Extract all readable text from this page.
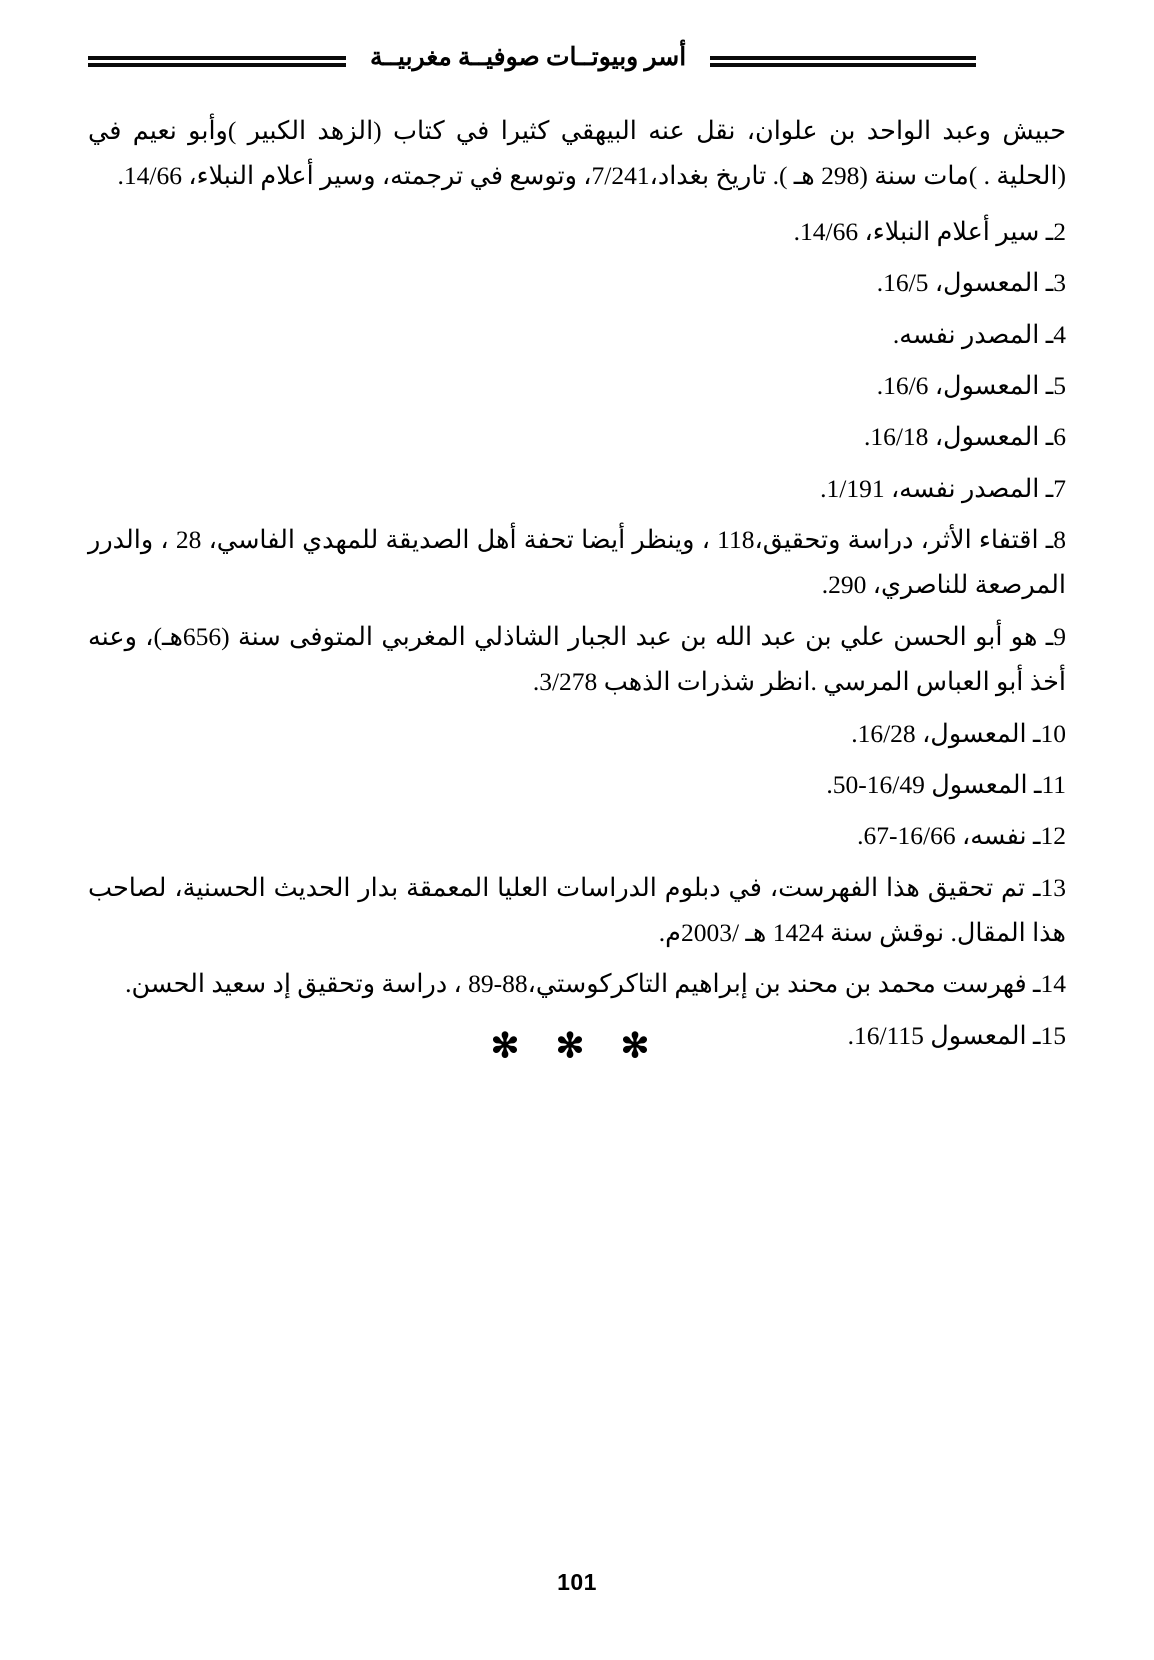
أسر وبيوتــات صوفيــة مغربيــة

حبيش وعبد الواحد بن علوان، نقل عنه البيهقي كثيرا في كتاب (الزهد الكبير )وأبو نعيم في (الحلية . )مات سنة (298 هـ ). تاريخ بغداد،7/241، وتوسع في ترجمته، وسير أعلام النبلاء، 14/66.

2ـ سير أعلام النبلاء، 14/66.

3ـ المعسول، 16/5.

4ـ المصدر نفسه.

5ـ المعسول، 16/6.

6ـ المعسول، 16/18.

7ـ المصدر نفسه، 1/191.

8ـ اقتفاء الأثر، دراسة وتحقيق،118 ، وينظر أيضا تحفة أهل الصديقة للمهدي الفاسي، 28 ، والدرر المرصعة للناصري، 290.

9ـ هو أبو الحسن علي بن عبد الله بن عبد الجبار الشاذلي المغربي المتوفى سنة (656هـ)، وعنه أخذ أبو العباس المرسي .انظر شذرات الذهب 3/278.

10ـ المعسول، 16/28.

11ـ المعسول 16/49-50.

12ـ نفسه، 16/66-67.

13ـ تم تحقيق هذا الفهرست، في دبلوم الدراسات العليا المعمقة بدار الحديث الحسنية، لصاحب هذا المقال. نوقش سنة 1424 هـ /2003م.

14ـ فهرست محمد بن محند بن إبراهيم التاكركوستي،88-89 ، دراسة وتحقيق إد سعيد الحسن.

15ـ المعسول 16/115.

✻ ✻ ✻
101
